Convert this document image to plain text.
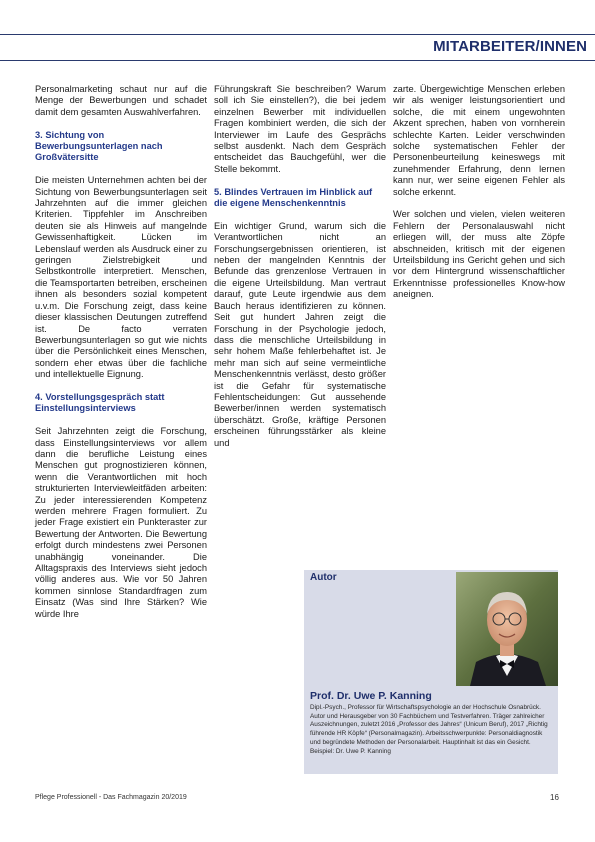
MITARBEITER/INNEN

Personalmarketing schaut nur auf die Menge der Bewerbungen und schadet damit dem gesamten Auswahlverfahren.

3. Sichtung von Bewerbungsunterlagen nach Großvätersitte

Die meisten Unternehmen achten bei der Sichtung von Bewerbungsunterlagen seit Jahrzehnten auf die immer gleichen Kriterien. Tippfehler im Anschreiben deuten sie als Hinweis auf mangelnde Gewissenhaftigkeit. Lücken im Lebenslauf werden als Ausdruck einer zu geringen Zielstrebigkeit und Selbstkontrolle interpretiert. Menschen, die Teamsportarten betreiben, erscheinen ihnen als besonders sozial kompetent u.v.m. Die Forschung zeigt, dass keine dieser klassischen Deutungen zutreffend ist. De facto verraten Bewerbungsunterlagen so gut wie nichts über die Persönlichkeit eines Menschen, sondern eher etwas über die fachliche und intellektuelle Eignung.

4. Vorstellungsgespräch statt Einstellungsinterviews

Seit Jahrzehnten zeigt die Forschung, dass Einstellungsinterviews vor allem dann die berufliche Leistung eines Menschen gut prognostizieren können, wenn die Verantwortlichen mit hoch strukturierten Interviewleitfäden arbeiten: Zu jeder interessierenden Kompetenz werden mehrere Fragen formuliert. Zu jeder Frage existiert ein Punkteraster zur Bewertung der Antworten. Die Bewertung erfolgt durch mindestens zwei Personen unabhängig voneinander. Die Alltagspraxis des Interviews sieht jedoch völlig anderes aus. Wie vor 50 Jahren kommen sinnlose Standardfragen zum Einsatz (Was sind Ihre Stärken? Wie würde Ihre

Führungskraft Sie beschreiben? Warum soll ich Sie einstellen?), die bei jedem einzelnen Bewerber mit individuellen Fragen kombiniert werden, die sich der Interviewer im Laufe des Gesprächs selbst ausdenkt. Nach dem Gespräch entscheidet das Bauchgefühl, wer die Stelle bekommt.

5. Blindes Vertrauen im Hinblick auf die eigene Menschenkenntnis

Ein wichtiger Grund, warum sich die Verantwortlichen nicht an Forschungsergebnissen orientieren, ist neben der mangelnden Kenntnis der Befunde das grenzenlose Vertrauen in die eigene Urteilsbildung. Man vertraut darauf, gute Leute irgendwie aus dem Bauch heraus identifizieren zu können. Seit gut hundert Jahren zeigt die Forschung in der Psychologie jedoch, dass die menschliche Urteilsbildung in sehr hohem Maße fehlerbehaftet ist. Je mehr man sich auf seine vermeintliche Menschenkenntnis verlässt, desto größer ist die Gefahr für systematische Fehlentscheidungen: Gut aussehende Bewerber/innen werden systematisch überschätzt. Große, kräftige Personen erscheinen führungsstärker als kleine und

zarte. Übergewichtige Menschen erleben wir als weniger leistungsorientiert und solche, die mit einem ungewohnten Akzent sprechen, haben von vornherein schlechte Karten. Leider verschwinden solche systematischen Fehler der Personenbeurteilung keineswegs mit zunehmender Erfahrung, denn lernen kann nur, wer seine eigenen Fehler als solche erkennt.

Wer solchen und vielen, vielen weiteren Fehlern der Personalauswahl nicht erliegen will, der muss alte Zöpfe abschneiden, kritisch mit der eigenen Urteilsbildung ins Gericht gehen und sich vor dem Hintergrund wissenschaftlicher Erkenntnisse professionelles Know-how aneignen.

Autor
Prof. Dr. Uwe P. Kanning
Dipl.-Psych., Professor für Wirtschaftspsychologie an der Hochschule Osnabrück. Autor und Herausgeber von 30 Fachbüchern und Testverfahren. Träger zahlreicher Auszeichnungen, zuletzt 2016 „Professor des Jahres“ (Unicum Beruf), 2017 „Richtig führende HR Köpfe“ (Personalmagazin). Arbeitsschwerpunkte: Personaldiagnostik und begründete Methoden der Personalarbeit. Hauptinhalt ist das ein Gesicht. Beispiel: Dr. Uwe P. Kanning
Pflege Professionell - Das Fachmagazin 20/2019	16
